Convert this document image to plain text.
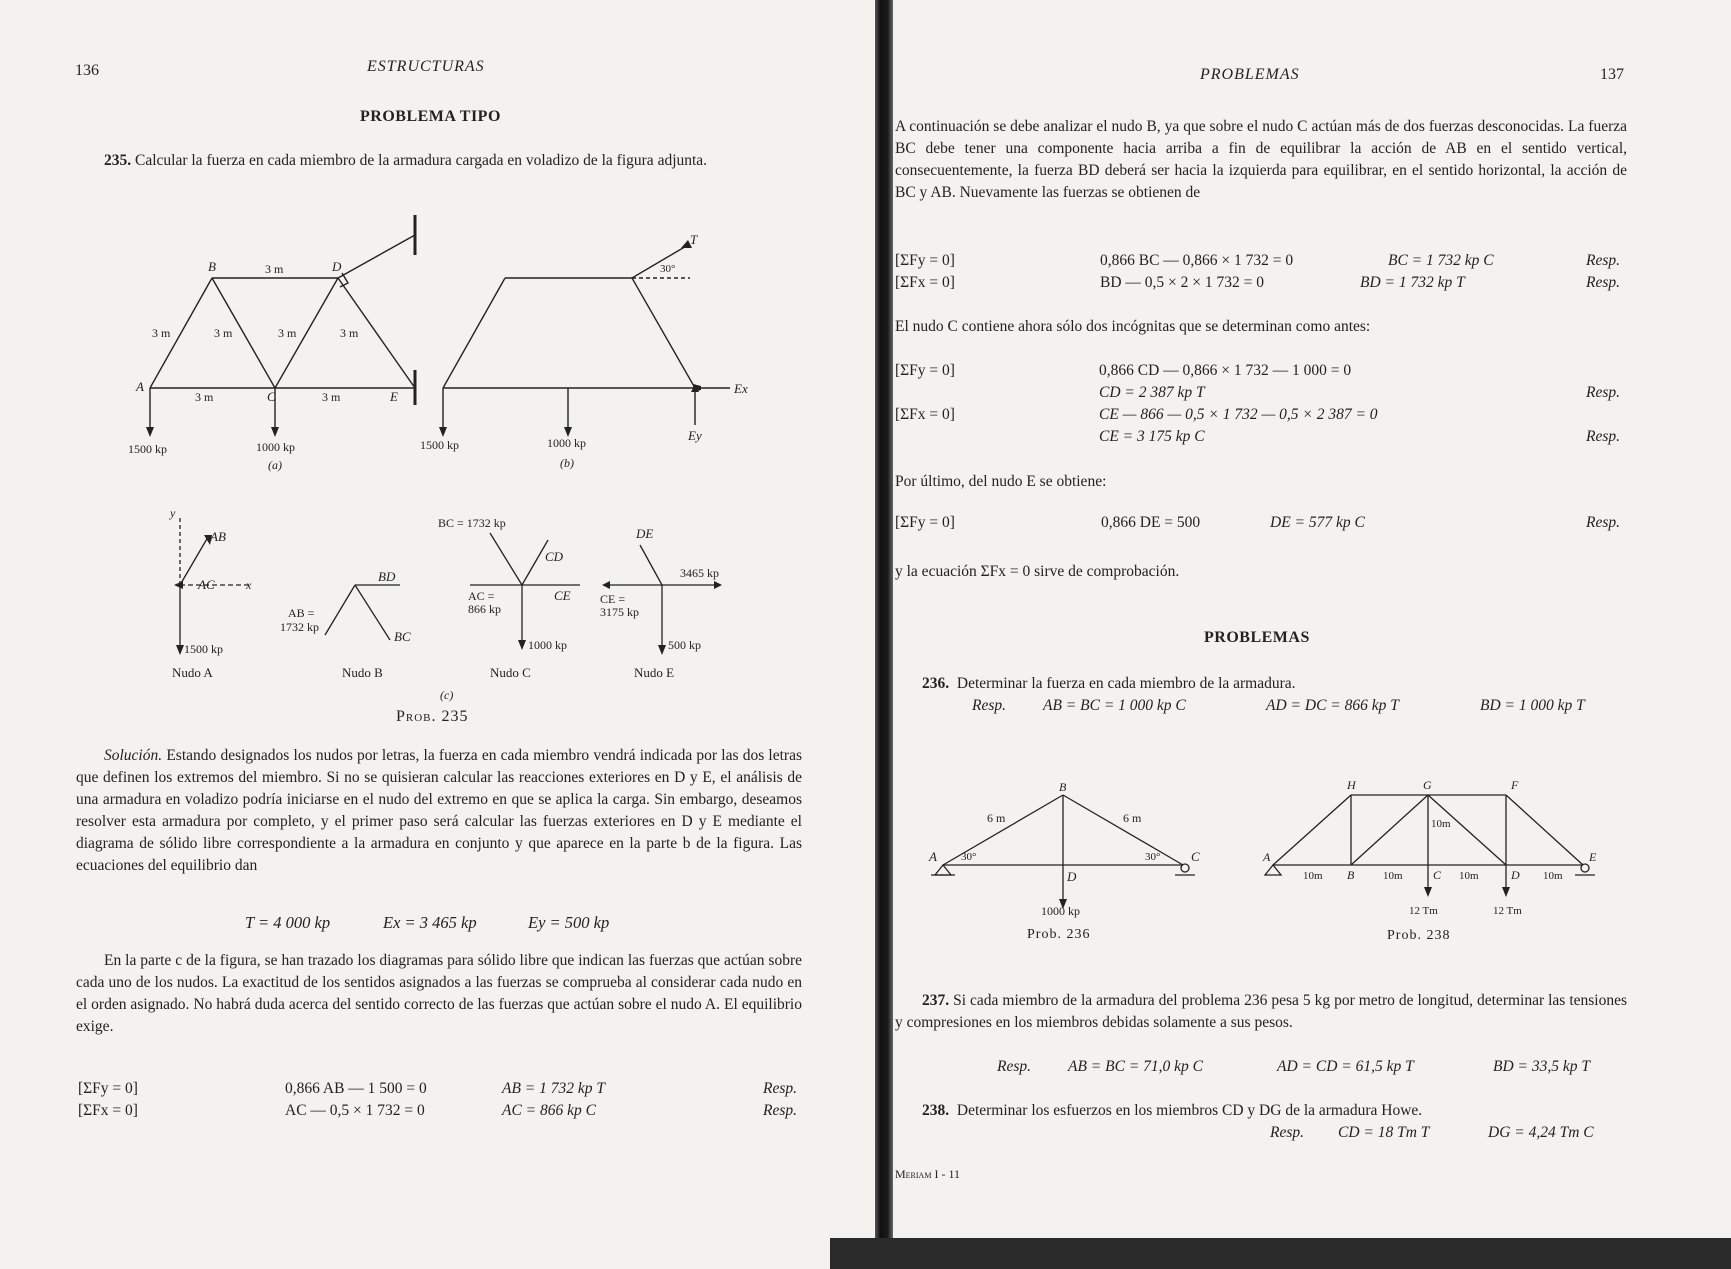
136	ESTRUCTURAS
PROBLEMA TIPO
235. Calcular la fuerza en cada miembro de la armadura cargada en voladizo de la figura adjunta.
B	D
A
C	E
3 m
3 m	3 m	3 m	3 m
3 m	3 m
1500 kp	1000 kp
(a)
T
30°
Ex
Ey
1500 kp	1000 kp
(b)
y
AB
AC	x
1500 kp
Nudo A
BD
AB =
1732 kp
BC
Nudo B
BC = 1732 kp
CD
AC =
866 kp
CE
1000 kp
Nudo C
DE
3465 kp
CE =
3175 kp
500 kp
Nudo E
(c)
Prob. 235
Solución. Estando designados los nudos por letras, la fuerza en cada miembro vendrá indicada por las dos letras que definen los extremos del miembro. Si no se quisieran calcular las reacciones exteriores en D y E, el análisis de una armadura en voladizo podría iniciarse en el nudo del extremo en que se aplica la carga. Sin embargo, deseamos resolver esta armadura por completo, y el primer paso será calcular las fuerzas exteriores en D y E mediante el diagrama de sólido libre correspondiente a la armadura en conjunto y que aparece en la parte b de la figura. Las ecuaciones del equilibrio dan
T = 4 000 kp	Ex = 3 465 kp	Ey = 500 kp
En la parte c de la figura, se han trazado los diagramas para sólido libre que indican las fuerzas que actúan sobre cada uno de los nudos. La exactitud de los sentidos asignados a las fuerzas se comprueba al considerar cada nudo en el orden asignado. No habrá duda acerca del sentido correcto de las fuerzas que actúan sobre el nudo A. El equilibrio exige.
[ΣFy = 0]	0,866 AB — 1 500 = 0	AB = 1 732 kp T	Resp.
[ΣFx = 0]	AC — 0,5 × 1 732 = 0	AC = 866 kp C	Resp.
PROBLEMAS	137
A continuación se debe analizar el nudo B, ya que sobre el nudo C actúan más de dos fuerzas desconocidas. La fuerza BC debe tener una componente hacia arriba a fin de equilibrar la acción de AB en el sentido vertical, consecuentemente, la fuerza BD deberá ser hacia la izquierda para equilibrar, en el sentido horizontal, la acción de BC y AB. Nuevamente las fuerzas se obtienen de
[ΣFy = 0]	0,866 BC — 0,866 × 1 732 = 0	BC = 1 732 kp C	Resp.
[ΣFx = 0]	BD — 0,5 × 2 × 1 732 = 0	BD = 1 732 kp T	Resp.
El nudo C contiene ahora sólo dos incógnitas que se determinan como antes:
[ΣFy = 0]	0,866 CD — 0,866 × 1 732 — 1 000 = 0
CD = 2 387 kp T	Resp.
[ΣFx = 0]	CE — 866 — 0,5 × 1 732 — 0,5 × 2 387 = 0
CE = 3 175 kp C	Resp.
Por último, del nudo E se obtiene:
[ΣFy = 0]	0,866 DE = 500	DE = 577 kp C	Resp.
y la ecuación ΣFx = 0 sirve de comprobación.
PROBLEMAS
236. Determinar la fuerza en cada miembro de la armadura.
Resp. AB = BC = 1 000 kp C	AD = DC = 866 kp T	BD = 1 000 kp T
B
A	C
D
6 m	6 m
30°	30°
1000 kp
Prob. 236
H	G	F
A	E
B	C	D
10m	10m
10m
10m	10m
12 Tm	12 Tm
Prob. 238
237. Si cada miembro de la armadura del problema 236 pesa 5 kg por metro de longitud, determinar las tensiones y compresiones en los miembros debidas solamente a sus pesos.
Resp. AB = BC = 71,0 kp C	AD = CD = 61,5 kp T	BD = 33,5 kp T
238. Determinar los esfuerzos en los miembros CD y DG de la armadura Howe.
Resp. CD = 18 Tm T	DG = 4,24 Tm C
Meriam I - 11
